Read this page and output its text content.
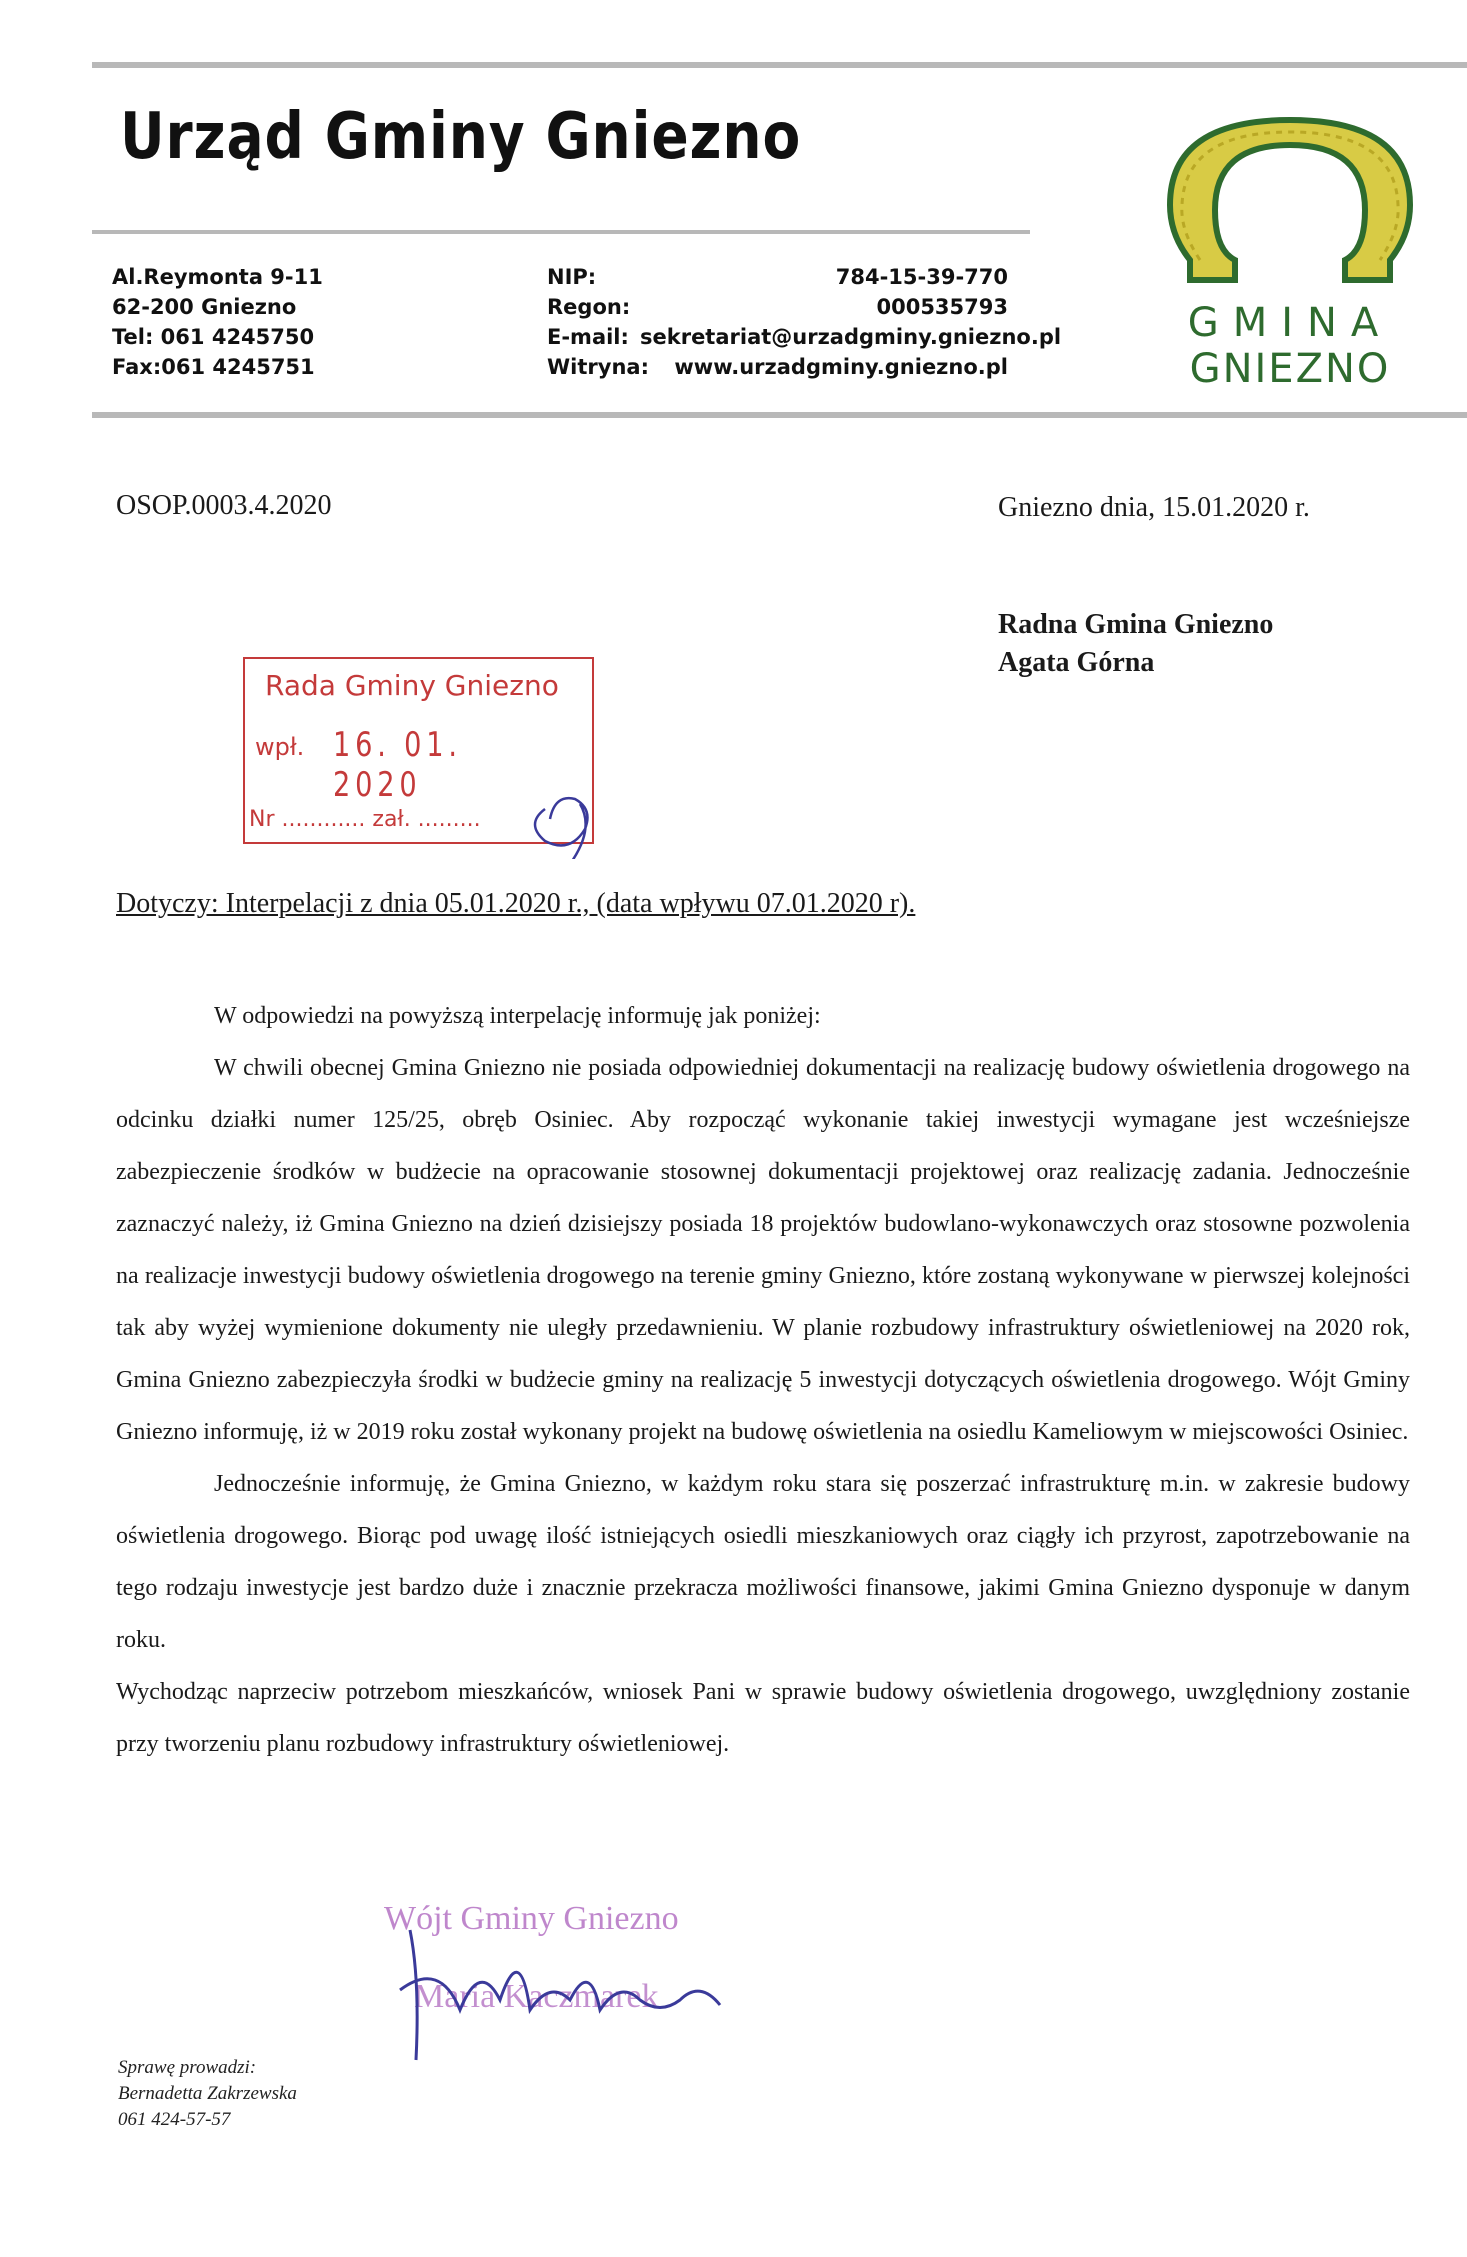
Urząd Gminy Gniezno
Al.Reymonta 9-11
62-200 Gniezno
Tel: 061 4245750
Fax:061 4245751
NIP:
Regon:
E-mail:
Witryna:
784-15-39-770
000535793
sekretariat@urzadgminy.gniezno.pl
www.urzadgminy.gniezno.pl
GMINA
GNIEZNO
OSOP.0003.4.2020	Gniezno dnia, 15.01.2020 r.
Radna Gmina Gniezno
Agata Górna
Rada Gminy Gniezno
wpł. 16. 01. 2020
Nr ............ zał. .........
Dotyczy: Interpelacji z dnia 05.01.2020 r., (data wpływu 07.01.2020 r).

W odpowiedzi na powyższą interpelację informuję jak poniżej:

W chwili obecnej Gmina Gniezno nie posiada odpowiedniej dokumentacji na realizację budowy oświetlenia drogowego na odcinku działki numer 125/25, obręb Osiniec. Aby rozpocząć wykonanie takiej inwestycji wymagane jest wcześniejsze zabezpieczenie środków w budżecie na opracowanie stosownej dokumentacji projektowej oraz realizację zadania. Jednocześnie zaznaczyć należy, iż Gmina Gniezno na dzień dzisiejszy posiada 18 projektów budowlano-wykonawczych oraz stosowne pozwolenia na realizacje inwestycji budowy oświetlenia drogowego na terenie gminy Gniezno, które zostaną wykonywane w pierwszej kolejności tak aby wyżej wymienione dokumenty nie uległy przedawnieniu. W planie rozbudowy infrastruktury oświetleniowej na 2020 rok, Gmina Gniezno zabezpieczyła środki w budżecie gminy na realizację 5 inwestycji dotyczących oświetlenia drogowego. Wójt Gminy Gniezno informuję, iż w 2019 roku został wykonany projekt na budowę oświetlenia na osiedlu Kameliowym w miejscowości Osiniec.

Jednocześnie informuję, że Gmina Gniezno, w każdym roku stara się poszerzać infrastrukturę m.in. w zakresie budowy oświetlenia drogowego. Biorąc pod uwagę ilość istniejących osiedli mieszkaniowych oraz ciągły ich przyrost, zapotrzebowanie na tego rodzaju inwestycje jest bardzo duże i znacznie przekracza możliwości finansowe, jakimi Gmina Gniezno dysponuje w danym roku.

Wychodząc naprzeciw potrzebom mieszkańców, wniosek Pani w sprawie budowy oświetlenia drogowego, uwzględniony zostanie przy tworzeniu planu rozbudowy infrastruktury oświetleniowej.

Wójt Gminy Gniezno
Maria Kaczmarek
Sprawę prowadzi:
Bernadetta Zakrzewska
061 424-57-57
